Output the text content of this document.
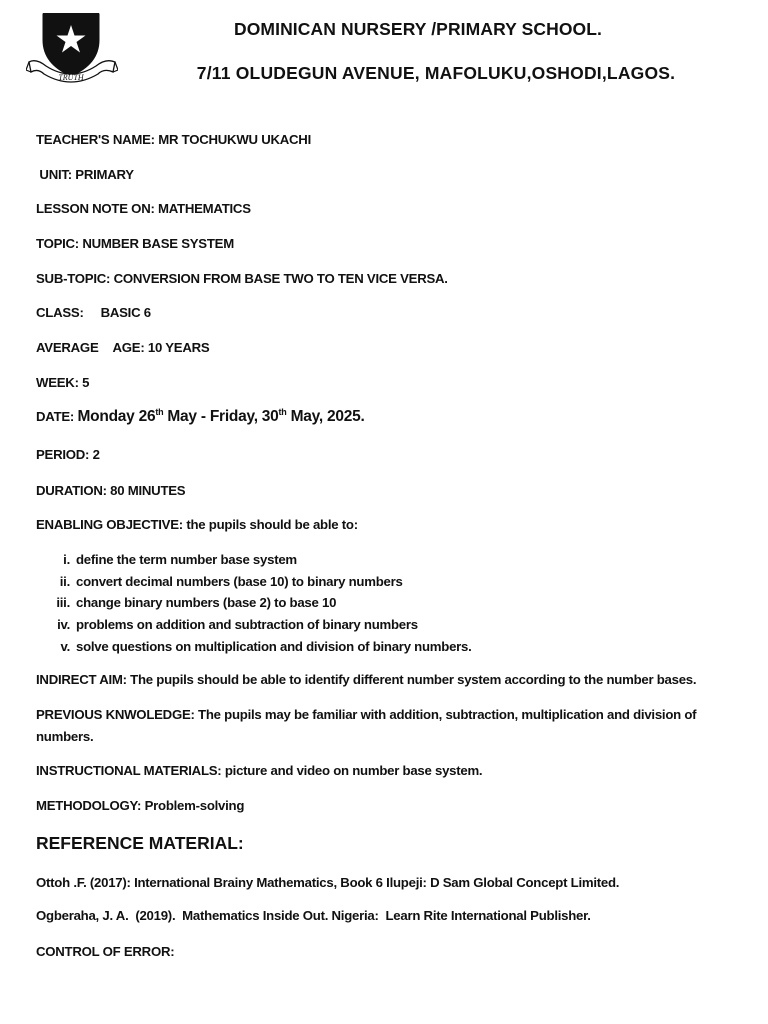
TRUTH
DOMINICAN NURSERY /PRIMARY SCHOOL.
7/11 OLUDEGUN AVENUE, MAFOLUKU,OSHODI,LAGOS.
TEACHER'S NAME: MR TOCHUKWU UKACHI
UNIT: PRIMARY
LESSON NOTE ON: MATHEMATICS
TOPIC: NUMBER BASE SYSTEM
SUB-TOPIC: CONVERSION FROM BASE TWO TO TEN VICE VERSA.
CLASS: BASIC 6
AVERAGE AGE: 10 YEARS
WEEK: 5
DATE: Monday 26th May - Friday, 30th May, 2025.
PERIOD: 2
DURATION: 80 MINUTES
ENABLING OBJECTIVE: the pupils should be able to:
i. define the term number base system
ii. convert decimal numbers (base 10) to binary numbers
iii. change binary numbers (base 2) to base 10
iv. problems on addition and subtraction of binary numbers
v. solve questions on multiplication and division of binary numbers.
INDIRECT AIM: The pupils should be able to identify different number system according to the number bases.
PREVIOUS KNWOLEDGE: The pupils may be familiar with addition, subtraction, multiplication and division of numbers.
INSTRUCTIONAL MATERIALS: picture and video on number base system.
METHODOLOGY: Problem-solving
REFERENCE MATERIAL:
Ottoh .F. (2017): International Brainy Mathematics, Book 6 Ilupeji: D Sam Global Concept Limited.
Ogberaha, J. A.  (2019).  Mathematics Inside Out. Nigeria:  Learn Rite International Publisher.
CONTROL OF ERROR:
